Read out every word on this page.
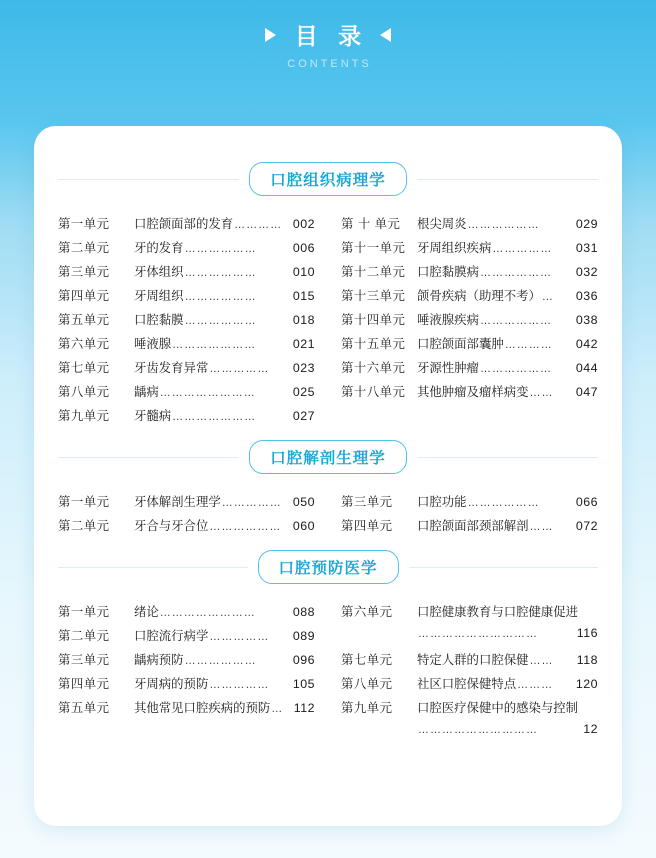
目 录
CONTENTS
口腔组织病理学
第一单元	口腔颌面部的发育 ………… 002
第二单元	牙的发育 ………………	006
第三单元	牙体组织 ………………	010
第四单元	牙周组织 ………………	015
第五单元	口腔黏膜 ………………	018
第六单元	唾液腺 …………………	021
第七单元	牙齿发育异常 ……………	023
第八单元	龋病 ……………………	025
第九单元	牙髓病 …………………	027
第 十 单元	根尖周炎 ………………	029
第十一单元 牙周组织疾病 ……………	031
第十二单元 口腔黏膜病 ………………	032
第十三单元 颌骨疾病（助理不考） …	036
第十四单元 唾液腺疾病 ………………	038
第十五单元 口腔颌面部囊肿 …………	042
第十六单元 牙源性肿瘤 ………………	044
第十八单元 其他肿瘤及瘤样病变 ……	047
口腔解剖生理学
第一单元	牙体解剖生理学 …………… 050
第二单元	牙合与牙合位 ……………… 060
第三单元	口腔功能 ………………	066
第四单元	口腔颌面部颈部解剖 ……	072
口腔预防医学
第一单元	绪论 ……………………	088
第二单元	口腔流行病学 ……………	089
第三单元	龋病预防 ………………	096
第四单元	牙周病的预防 ……………	105
第五单元	其他常见口腔疾病的预防 … 112
第六单元	口腔健康教育与口腔健康促进
…………………………	116
第七单元	特定人群的口腔保健 ……	118
第八单元	社区口腔保健特点 ………	120
第九单元	口腔医疗保健中的感染与控制
…………………………	12
